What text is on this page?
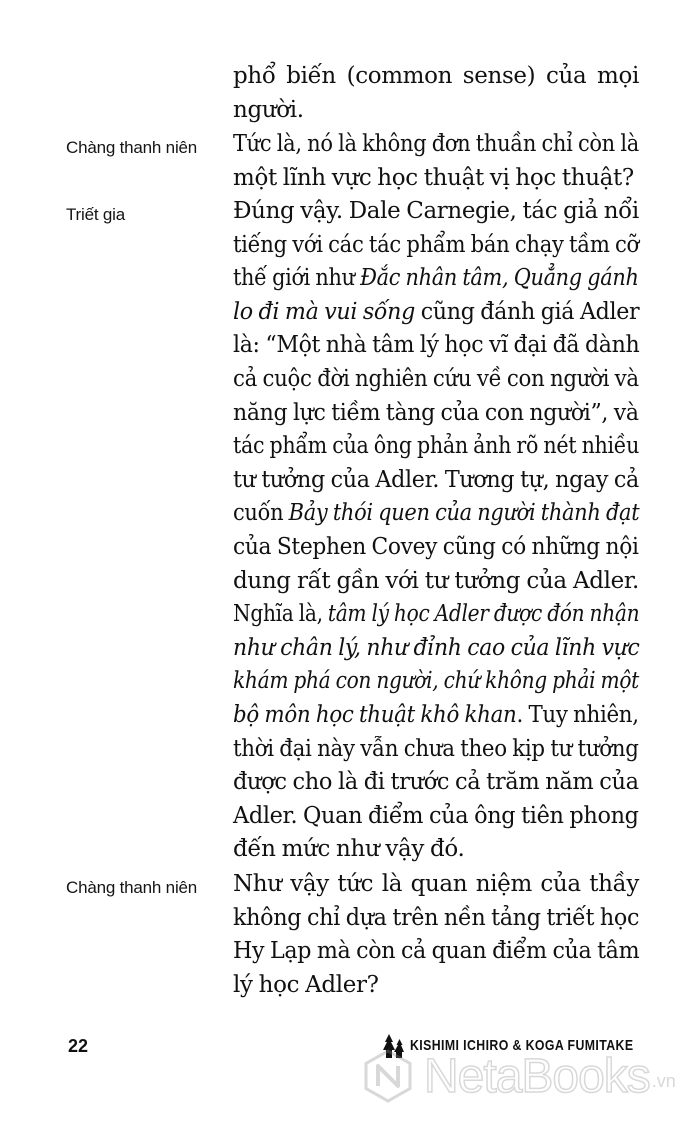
Chàng thanh niên
Triết gia
Chàng thanh niên
phổ biến (common sense) của mọi
người.
Tức là, nó là không đơn thuần chỉ còn là
một lĩnh vực học thuật vị học thuật?
Đúng vậy. Dale Carnegie, tác giả nổi
tiếng với các tác phẩm bán chạy tầm cỡ
thế giới như Đắc nhân tâm, Quẳng gánh
lo đi mà vui sống cũng đánh giá Adler
là: “Một nhà tâm lý học vĩ đại đã dành
cả cuộc đời nghiên cứu về con người và
năng lực tiềm tàng của con người”, và
tác phẩm của ông phản ảnh rõ nét nhiều
tư tưởng của Adler. Tương tự, ngay cả
cuốn Bảy thói quen của người thành đạt
của Stephen Covey cũng có những nội
dung rất gần với tư tưởng của Adler.
Nghĩa là, tâm lý học Adler được đón nhận
như chân lý, như đỉnh cao của lĩnh vực
khám phá con người, chứ không phải một
bộ môn học thuật khô khan. Tuy nhiên,
thời đại này vẫn chưa theo kịp tư tưởng
được cho là đi trước cả trăm năm của
Adler. Quan điểm của ông tiên phong
đến mức như vậy đó.
Như vậy tức là quan niệm của thầy
không chỉ dựa trên nền tảng triết học
Hy Lạp mà còn cả quan điểm của tâm
lý học Adler?
22	KISHIMI ICHIRO & KOGA FUMITAKE
NetaBooks .vn
